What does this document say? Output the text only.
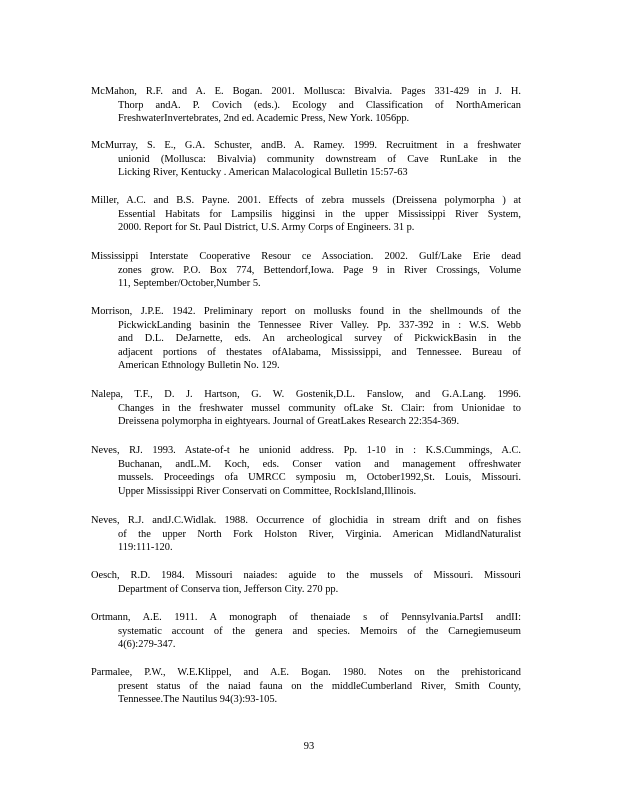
McMahon, R.F. and A. E. Bogan. 2001. Mollusca: Bivalvia. Pages 331-429 in J. H.
Thorp andA. P. Covich (eds.). Ecology and Classification of NorthAmerican
FreshwaterInvertebrates, 2nd ed. Academic Press, New York. 1056pp.
McMurray, S. E., G.A. Schuster, andB. A. Ramey. 1999. Recruitment in a freshwater
unionid (Mollusca: Bivalvia) community downstream of Cave RunLake in the
Licking River, Kentucky . American Malacological Bulletin 15:57-63
Miller, A.C. and B.S. Payne. 2001. Effects of zebra mussels (Dreissena polymorpha ) at
Essential Habitats for Lampsilis higginsi in the upper Mississippi River System,
2000. Report for St. Paul District, U.S. Army Corps of Engineers. 31 p.
Mississippi Interstate Cooperative Resour ce Association. 2002. Gulf/Lake Erie dead
zones grow. P.O. Box 774, Bettendorf,Iowa. Page 9 in River Crossings, Volume
11, September/October,Number 5.
Morrison, J.P.E. 1942. Preliminary report on mollusks found in the shellmounds of the
PickwickLanding basinin the Tennessee River Valley. Pp. 337-392 in : W.S. Webb
and D.L. DeJarnette, eds. An archeological survey of PickwickBasin in the
adjacent portions of thestates ofAlabama, Mississippi, and Tennessee. Bureau of
American Ethnology Bulletin No. 129.
Nalepa, T.F., D. J. Hartson, G. W. Gostenik,D.L. Fanslow, and G.A.Lang. 1996.
Changes in the freshwater mussel community ofLake St. Clair: from Unionidae to
Dreissena polymorpha in eightyears. Journal of GreatLakes Research 22:354-369.
Neves, RJ. 1993. Astate-of-t he unionid address. Pp. 1-10 in : K.S.Cummings, A.C.
Buchanan, andL.M. Koch, eds. Conser vation and management offreshwater
mussels. Proceedings ofa UMRCC symposiu m, October1992,St. Louis, Missouri.
Upper Mississippi River Conservati on Committee, RockIsland,Illinois.
Neves, R.J. andJ.C.Widlak. 1988. Occurrence of glochidia in stream drift and on fishes
of the upper North Fork Holston River, Virginia. American MidlandNaturalist
119:111-120.
Oesch, R.D. 1984. Missouri naiades: aguide to the mussels of Missouri. Missouri
Department of Conserva tion, Jefferson City. 270 pp.
Ortmann, A.E. 1911. A monograph of thenaiade s of Pennsylvania.PartsI andII:
systematic account of the genera and species. Memoirs of the Carnegiemuseum
4(6):279-347.
Parmalee, P.W., W.E.Klippel, and A.E. Bogan. 1980. Notes on the prehistoricand
present status of the naiad fauna on the middleCumberland River, Smith County,
Tennessee.The Nautilus 94(3):93-105.
93
